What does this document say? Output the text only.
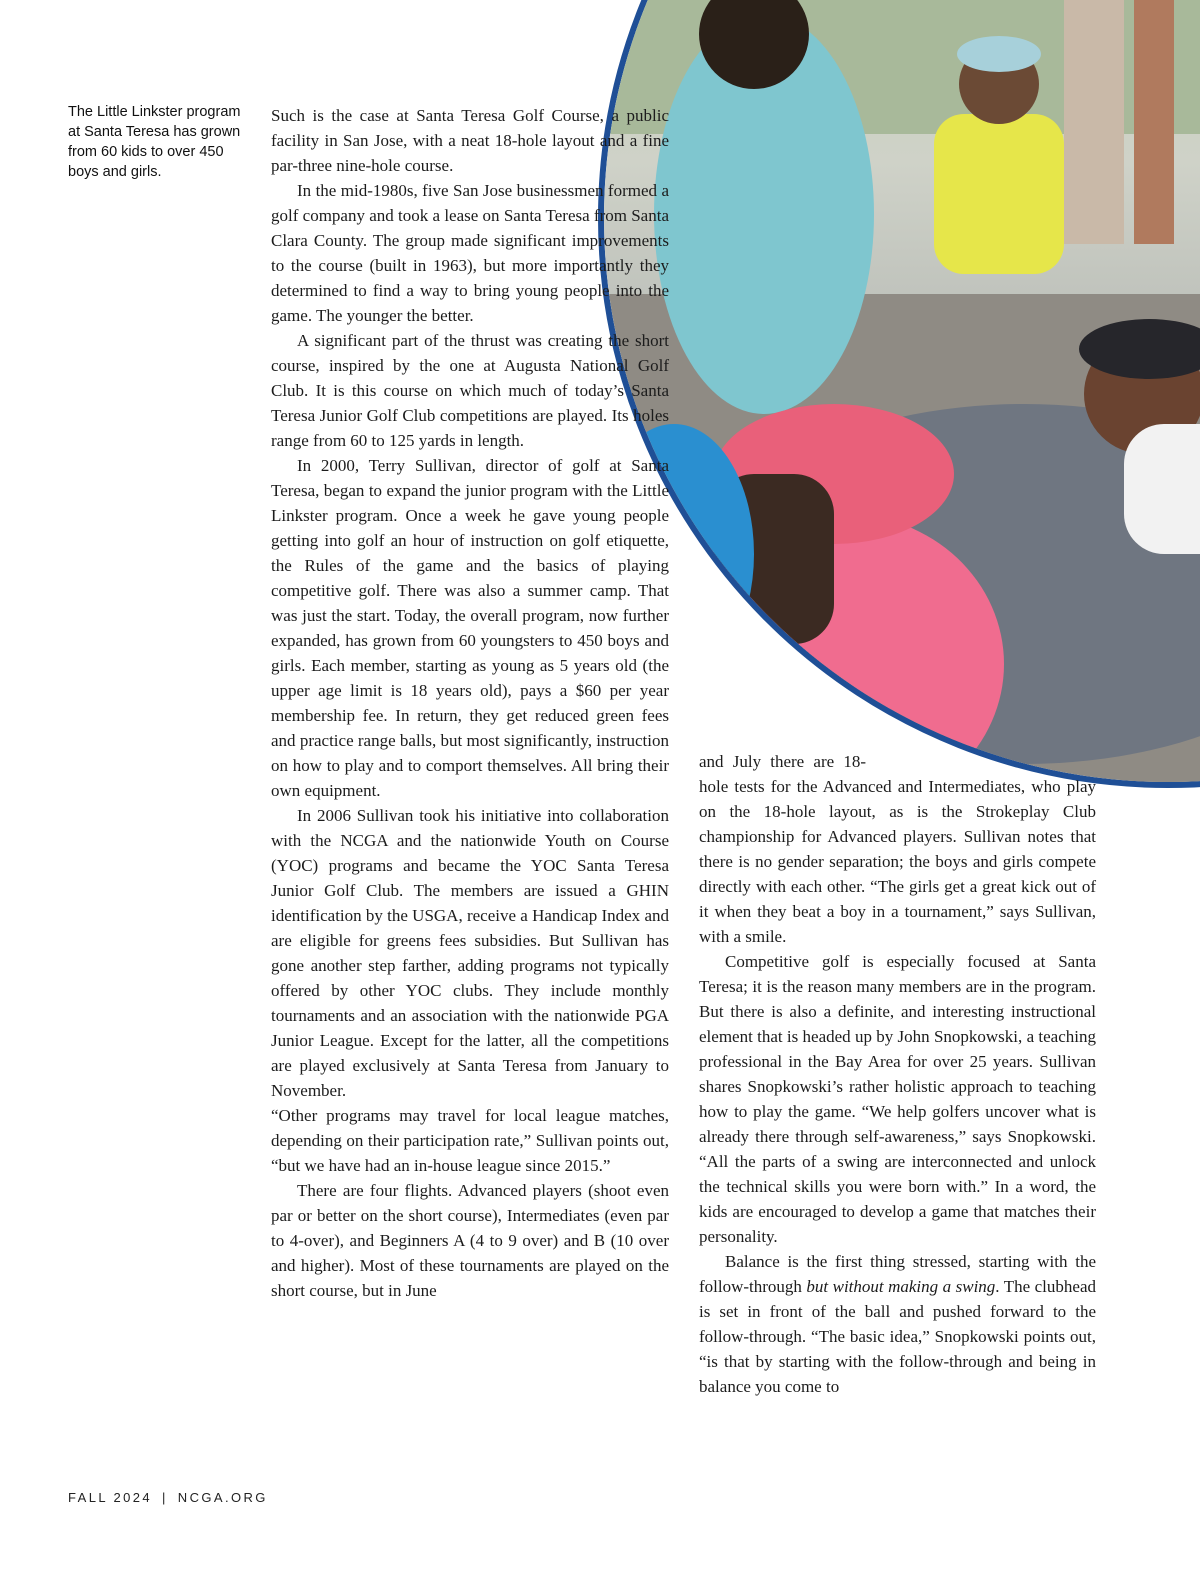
The Little Linkster program at Santa Teresa has grown from 60 kids to over 450 boys and girls.

Such is the case at Santa Teresa Golf Course, a public facility in San Jose, with a neat 18-hole layout and a fine par-three nine-hole course.

In the mid-1980s, five San Jose businessmen formed a golf company and took a lease on Santa Teresa from Santa Clara County. The group made significant improvements to the course (built in 1963), but more importantly they determined to find a way to bring young people into the game. The younger the better.

A significant part of the thrust was creating the short course, inspired by the one at Augusta National Golf Club. It is this course on which much of today’s Santa Teresa Junior Golf Club competitions are played. Its holes range from 60 to 125 yards in length.

In 2000, Terry Sullivan, director of golf at Santa Teresa, began to expand the junior program with the Little Linkster program. Once a week he gave young people getting into golf an hour of instruction on golf etiquette, the Rules of the game and the basics of playing competitive golf. There was also a summer camp. That was just the start. Today, the overall program, now further expanded, has grown from 60 youngsters to 450 boys and girls. Each member, starting as young as 5 years old (the upper age limit is 18 years old), pays a $60 per year membership fee. In return, they get reduced green fees and practice range balls, but most significantly, instruction on how to play and to comport themselves. All bring their own equipment.

In 2006 Sullivan took his initiative into collaboration with the NCGA and the nationwide Youth on Course (YOC) programs and became the YOC Santa Teresa Junior Golf Club. The members are issued a GHIN identification by the USGA, receive a Handicap Index and are eligible for greens fees subsidies. But Sullivan has gone another step farther, adding programs not typically offered by other YOC clubs. They include monthly tournaments and an association with the nationwide PGA Junior League. Except for the latter, all the competitions are played exclusively at Santa Teresa from January to November.

“Other programs may travel for local league matches, depending on their participation rate,” Sullivan points out, “but we have had an in-house league since 2015.”

There are four flights. Advanced players (shoot even par or better on the short course), Intermediates (even par to 4-over), and Beginners A (4 to 9 over) and B (10 over and higher). Most of these tournaments are played on the short course, but in June

and July there are 18-hole tests for the Advanced and Intermediates, who play on the 18-hole layout, as is the Strokeplay Club championship for Advanced players. Sullivan notes that there is no gender separation; the boys and girls compete directly with each other. “The girls get a great kick out of it when they beat a boy in a tournament,” says Sullivan, with a smile.

Competitive golf is especially focused at Santa Teresa; it is the reason many members are in the program. But there is also a definite, and interesting instructional element that is headed up by John Snopkowski, a teaching professional in the Bay Area for over 25 years. Sullivan shares Snopkowski’s rather holistic approach to teaching how to play the game. “We help golfers uncover what is already there through self-awareness,” says Snopkowski. “All the parts of a swing are interconnected and unlock the technical skills you were born with.” In a word, the kids are encouraged to develop a game that matches their personality.

Balance is the first thing stressed, starting with the follow-through but without making a swing. The clubhead is set in front of the ball and pushed forward to the follow-through. “The basic idea,” Snopkowski points out, “is that by starting with the follow-through and being in balance you come to

FALL 2024 | NCGA.ORG
